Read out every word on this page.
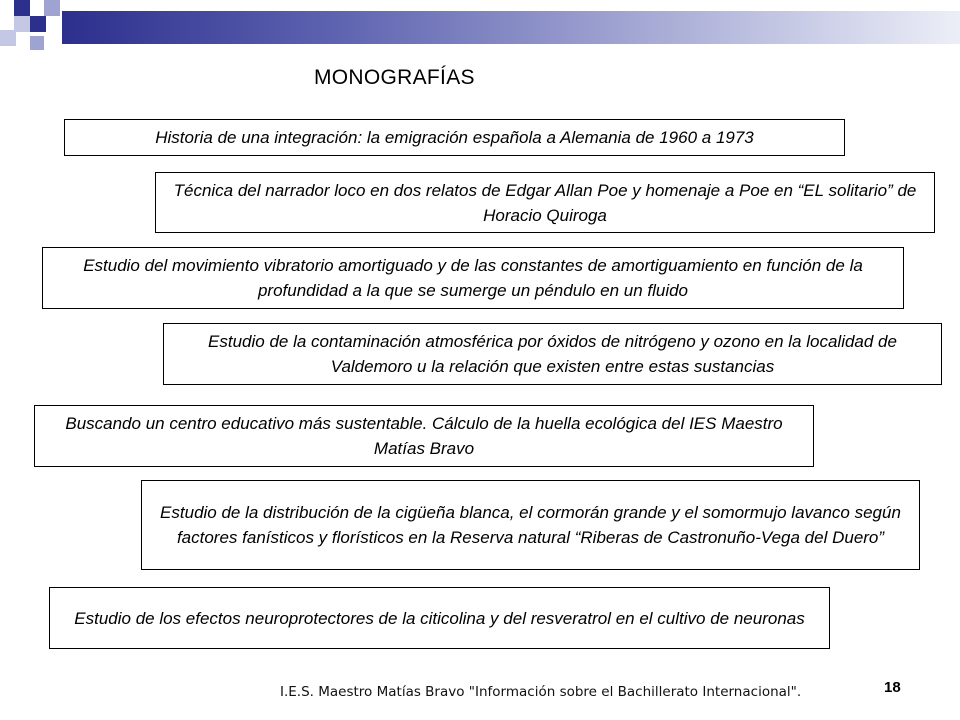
MONOGRAFÍAS
Historia de una integración: la emigración española a Alemania de 1960 a 1973
Técnica del narrador loco en dos relatos de Edgar Allan Poe y homenaje a Poe en “EL solitario” de Horacio Quiroga
Estudio del movimiento vibratorio amortiguado y de las constantes de amortiguamiento en función de la profundidad a la que se sumerge un péndulo en un fluido
Estudio de la contaminación atmosférica por óxidos de nitrógeno y ozono en la localidad de Valdemoro u la relación que existen entre estas sustancias
Buscando un centro educativo más sustentable. Cálculo de la huella ecológica del IES Maestro Matías Bravo
Estudio de la distribución de la cigüeña blanca, el cormorán grande y el somormujo lavanco según factores fanísticos y florísticos en la Reserva natural “Riberas de Castronuño-Vega del Duero”
Estudio de los efectos neuroprotectores de la citicolina y del resveratrol en el cultivo de neuronas
I.E.S. Maestro Matías Bravo "Información sobre el Bachillerato Internacional".	18
